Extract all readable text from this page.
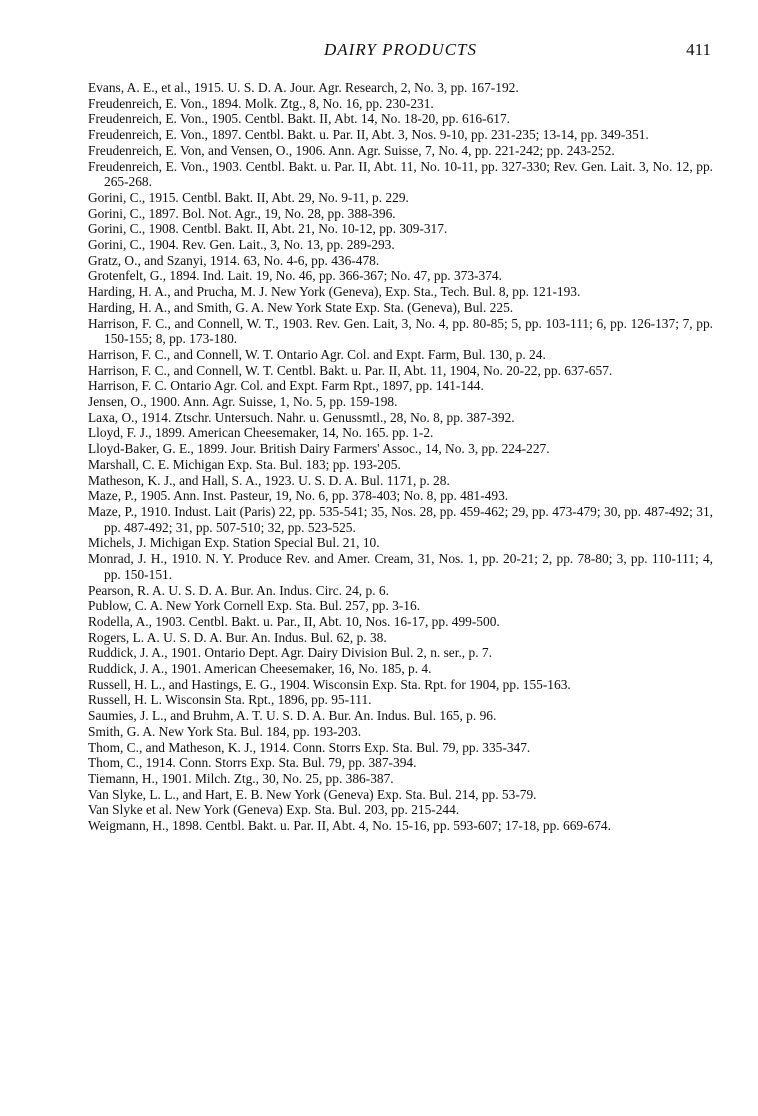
DAIRY PRODUCTS	411
Evans, A. E., et al., 1915. U. S. D. A. Jour. Agr. Research, 2, No. 3, pp. 167-192.
Freudenreich, E. Von., 1894. Molk. Ztg., 8, No. 16, pp. 230-231.
Freudenreich, E. Von., 1905. Centbl. Bakt. II, Abt. 14, No. 18-20, pp. 616-617.
Freudenreich, E. Von., 1897. Centbl. Bakt. u. Par. II, Abt. 3, Nos. 9-10, pp. 231-235; 13-14, pp. 349-351.
Freudenreich, E. Von, and Vensen, O., 1906. Ann. Agr. Suisse, 7, No. 4, pp. 221-242; pp. 243-252.
Freudenreich, E. Von., 1903. Centbl. Bakt. u. Par. II, Abt. 11, No. 10-11, pp. 327-330; Rev. Gen. Lait. 3, No. 12, pp. 265-268.
Gorini, C., 1915. Centbl. Bakt. II, Abt. 29, No. 9-11, p. 229.
Gorini, C., 1897. Bol. Not. Agr., 19, No. 28, pp. 388-396.
Gorini, C., 1908. Centbl. Bakt. II, Abt. 21, No. 10-12, pp. 309-317.
Gorini, C., 1904. Rev. Gen. Lait., 3, No. 13, pp. 289-293.
Gratz, O., and Szanyi, 1914. 63, No. 4-6, pp. 436-478.
Grotenfelt, G., 1894. Ind. Lait. 19, No. 46, pp. 366-367; No. 47, pp. 373-374.
Harding, H. A., and Prucha, M. J. New York (Geneva), Exp. Sta., Tech. Bul. 8, pp. 121-193.
Harding, H. A., and Smith, G. A. New York State Exp. Sta. (Geneva), Bul. 225.
Harrison, F. C., and Connell, W. T., 1903. Rev. Gen. Lait, 3, No. 4, pp. 80-85; 5, pp. 103-111; 6, pp. 126-137; 7, pp. 150-155; 8, pp. 173-180.
Harrison, F. C., and Connell, W. T. Ontario Agr. Col. and Expt. Farm, Bul. 130, p. 24.
Harrison, F. C., and Connell, W. T. Centbl. Bakt. u. Par. II, Abt. 11, 1904, No. 20-22, pp. 637-657.
Harrison, F. C. Ontario Agr. Col. and Expt. Farm Rpt., 1897, pp. 141-144.
Jensen, O., 1900. Ann. Agr. Suisse, 1, No. 5, pp. 159-198.
Laxa, O., 1914. Ztschr. Untersuch. Nahr. u. Genussmtl., 28, No. 8, pp. 387-392.
Lloyd, F. J., 1899. American Cheesemaker, 14, No. 165. pp. 1-2.
Lloyd-Baker, G. E., 1899. Jour. British Dairy Farmers' Assoc., 14, No. 3, pp. 224-227.
Marshall, C. E. Michigan Exp. Sta. Bul. 183; pp. 193-205.
Matheson, K. J., and Hall, S. A., 1923. U. S. D. A. Bul. 1171, p. 28.
Maze, P., 1905. Ann. Inst. Pasteur, 19, No. 6, pp. 378-403; No. 8, pp. 481-493.
Maze, P., 1910. Indust. Lait (Paris) 22, pp. 535-541; 35, Nos. 28, pp. 459-462; 29, pp. 473-479; 30, pp. 487-492; 31, pp. 487-492; 31, pp. 507-510; 32, pp. 523-525.
Michels, J. Michigan Exp. Station Special Bul. 21, 10.
Monrad, J. H., 1910. N. Y. Produce Rev. and Amer. Cream, 31, Nos. 1, pp. 20-21; 2, pp. 78-80; 3, pp. 110-111; 4, pp. 150-151.
Pearson, R. A. U. S. D. A. Bur. An. Indus. Circ. 24, p. 6.
Publow, C. A. New York Cornell Exp. Sta. Bul. 257, pp. 3-16.
Rodella, A., 1903. Centbl. Bakt. u. Par., II, Abt. 10, Nos. 16-17, pp. 499-500.
Rogers, L. A. U. S. D. A. Bur. An. Indus. Bul. 62, p. 38.
Ruddick, J. A., 1901. Ontario Dept. Agr. Dairy Division Bul. 2, n. ser., p. 7.
Ruddick, J. A., 1901. American Cheesemaker, 16, No. 185, p. 4.
Russell, H. L., and Hastings, E. G., 1904. Wisconsin Exp. Sta. Rpt. for 1904, pp. 155-163.
Russell, H. L. Wisconsin Sta. Rpt., 1896, pp. 95-111.
Saumies, J. L., and Bruhm, A. T. U. S. D. A. Bur. An. Indus. Bul. 165, p. 96.
Smith, G. A. New York Sta. Bul. 184, pp. 193-203.
Thom, C., and Matheson, K. J., 1914. Conn. Storrs Exp. Sta. Bul. 79, pp. 335-347.
Thom, C., 1914. Conn. Storrs Exp. Sta. Bul. 79, pp. 387-394.
Tiemann, H., 1901. Milch. Ztg., 30, No. 25, pp. 386-387.
Van Slyke, L. L., and Hart, E. B. New York (Geneva) Exp. Sta. Bul. 214, pp. 53-79.
Van Slyke et al. New York (Geneva) Exp. Sta. Bul. 203, pp. 215-244.
Weigmann, H., 1898. Centbl. Bakt. u. Par. II, Abt. 4, No. 15-16, pp. 593-607; 17-18, pp. 669-674.
